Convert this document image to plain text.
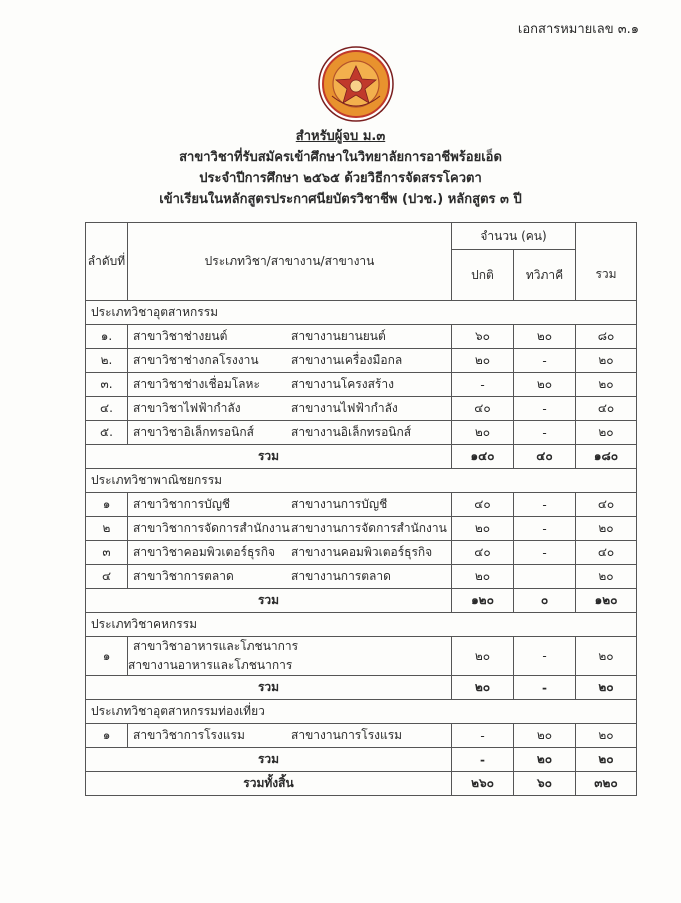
เอกสารหมายเลข ๓.๑
สำหรับผู้จบ ม.๓
สาขาวิชาที่รับสมัครเข้าศึกษาในวิทยาลัยการอาชีพร้อยเอ็ด
ประจำปีการศึกษา ๒๕๖๕ ด้วยวิธีการจัดสรรโควตา
เข้าเรียนในหลักสูตรประกาศนียบัตรวิชาชีพ (ปวช.) หลักสูตร ๓ ปี
ลำดับที่	ประเภทวิชา/สาขางาน/สาขางาน	จำนวน (คน)		
		ปกติ	ทวิภาคี	รวม
ประเภทวิชาอุตสาหกรรม				
๑.	สาขาวิชาช่างยนต์ สาขางานยานยนต์	๖๐	๒๐	๘๐
๒.	สาขาวิชาช่างกลโรงงาน สาขางานเครื่องมือกล	๒๐	-	๒๐
๓.	สาขาวิชาช่างเชื่อมโลหะ สาขางานโครงสร้าง	-	๒๐	๒๐
๔.	สาขาวิชาไฟฟ้ากำลัง สาขางานไฟฟ้ากำลัง	๔๐	-	๔๐
๕.	สาขาวิชาอิเล็กทรอนิกส์ สาขางานอิเล็กทรอนิกส์	๒๐	-	๒๐
รวม		๑๔๐	๔๐	๑๘๐
ประเภทวิชาพาณิชยกรรม				
๑	สาขาวิชาการบัญชี สาขางานการบัญชี	๔๐	-	๔๐
๒	สาขาวิชาการจัดการสำนักงานสาขางานการจัดการสำนักงาน	๒๐	-	๒๐
๓	สาขาวิชาคอมพิวเตอร์ธุรกิจ สาขางานคอมพิวเตอร์ธุรกิจ	๔๐	-	๔๐
๔	สาขาวิชาการตลาด สาขางานการตลาด	๒๐		๒๐
รวม		๑๒๐	๐	๑๒๐
ประเภทวิชาคหกรรม				
๑	สาขาวิชาอาหารและโภชนาการสาขางานอาหารและโภชนาการ	๒๐	-	๒๐
รวม		๒๐	-	๒๐
ประเภทวิชาอุตสาหกรรมท่องเที่ยว				
๑	สาขาวิชาการโรงแรม สาขางานการโรงแรม	-	๒๐	๒๐
รวม		-	๒๐	๒๐
รวมทั้งสิ้น		๒๖๐	๖๐	๓๒๐
